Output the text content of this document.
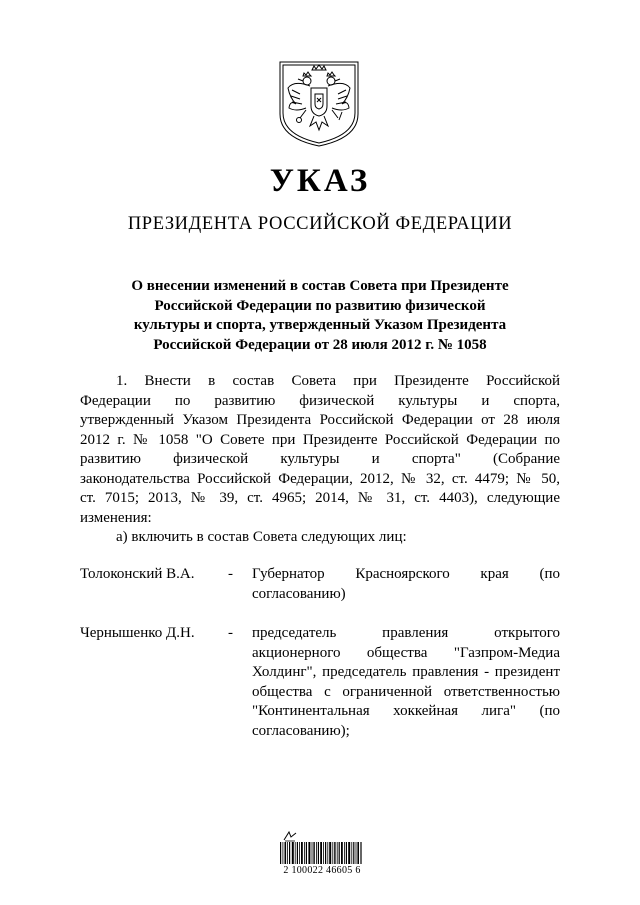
УКАЗ
ПРЕЗИДЕНТА РОССИЙСКОЙ ФЕДЕРАЦИИ
О внесении изменений в состав Совета при Президенте
Российской Федерации по развитию физической
культуры и спорта, утвержденный Указом Президента
Российской Федерации от 28 июля 2012 г. № 1058
1. Внести в состав Совета при Президенте Российской
Федерации по развитию физической культуры и спорта,
утвержденный Указом Президента Российской Федерации от 28 июля
2012 г. № 1058 "О Совете при Президенте Российской Федерации по
развитию физической культуры и спорта" (Собрание
законодательства Российской Федерации, 2012, № 32, ст. 4479; № 50,
ст. 7015; 2013, № 39, ст. 4965; 2014, № 31, ст. 4403), следующие
изменения:
а) включить в состав Совета следующих лиц:
Толоконский В.А. - Губернатор Красноярского края (по согласованию)
Чернышенко Д.Н. - председатель правления открытого акционерного общества "Газпром-Медиа Холдинг", председатель правления - президент общества с ограниченной ответственностью "Континентальная хоккейная лига" (по согласованию);
2 100022 46605 6
